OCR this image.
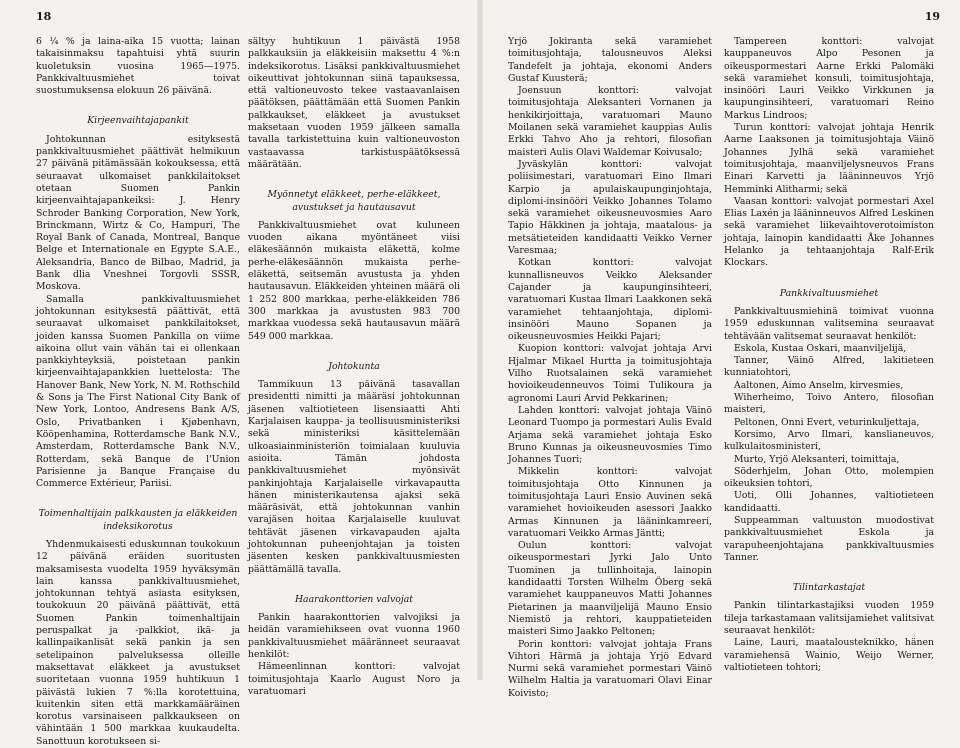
18

6 ¼ % ja laina-aika 15 vuotta; lainan takaisinmaksu tapahtuisi yhtä suurin kuoletuksin vuosina 1965—1975. Pankkivaltuusmiehet toivat suostumuksensa elokuun 26 päivänä.

Kirjeenvaihtajapankit

Johtokunnan esityksestä pankkivaltuusmiehet päättivät helmikuun 27 päivänä pitämässään kokouksessa, että seuraavat ulkomaiset pankkilaitokset otetaan Suomen Pankin kirjeenvaihtajapankeiksi: J. Henry Schroder Banking Corporation, New York, Brinckmann, Wirtz & Co, Hampuri, The Royal Bank of Canada, Montreal, Banque Belge et Internationale en Egypte S.A.E., Aleksandria, Banco de Bilbao, Madrid, ja Bank dlia Vneshnei Torgovli SSSR, Moskova.

Samalla pankkivaltuusmiehet johtokunnan esityksestä päättivät, että seuraavat ulkomaiset pankkilaitokset, joiden kanssa Suomen Pankilla on viime aikoina ollut vain vähän tai ei ollenkaan pankkiyhteyksiä, poistetaan pankin kirjeenvaihtajapankkien luettelosta: The Hanover Bank, New York, N. M. Rothschild & Sons ja The First National City Bank of New York, Lontoo, Andresens Bank A/S, Oslo, Privatbanken i Kjøbenhavn, Kööpenhamina, Rotterdamsche Bank N.V., Amsterdam, Rotterdamsche Bank N.V., Rotterdam, sekä Banque de l'Union Parisienne ja Banque Française du Commerce Extérieur, Pariisi.

Toimenhaltijain palkkausten ja eläkkeiden indeksikorotus

Yhdenmukaisesti eduskunnan toukokuun 12 päivänä eräiden suoritusten maksamisesta vuodelta 1959 hyväksymän lain kanssa pankkivaltuusmiehet, johtokunnan tehtyä asiasta esityksen, toukokuun 20 päivänä päättivät, että Suomen Pankin toimenhaltijain peruspalkat ja -palkkiot, ikä- ja kallinpaikanlisät sekä pankin ja sen setelipainon palveluksessa olleille maksettavat eläkkeet ja avustukset suoritetaan vuonna 1959 huhtikuun 1 päivästä lukien 7 %:lla korotettuina, kuitenkin siten että markkamääräinen korotus varsinaiseen palkkaukseen on vähintään 1 500 markkaa kuukaudelta. Sanottuun korotukseen si-

sältyy huhtikuun 1 päivästä 1958 palkkauksiin ja eläkkeisiin maksettu 4 %:n indeksikorotus. Lisäksi pankkivaltuusmiehet oikeuttivat johtokunnan siinä tapauksessa, että valtioneuvosto tekee vastaavanlaisen päätöksen, päättämään että Suomen Pankin palkkaukset, eläkkeet ja avustukset maksetaan vuoden 1959 jälkeen samalla tavalla tarkistettuina kuin valtioneuvoston vastaavassa tarkistuspäätöksessä määrätään.

Myönnetyt eläkkeet, perhe-eläkkeet, avustukset ja hautausavut

Pankkivaltuusmiehet ovat kuluneen vuoden aikana myöntäneet viisi eläkesäännön mukaista eläkettä, kolme perhe-eläkesäännön mukaista perhe-eläkettä, seitsemän avustusta ja yhden hautausavun. Eläkkeiden yhteinen määrä oli 1 252 800 markkaa, perhe-eläkkeiden 786 300 markkaa ja avustusten 983 700 markkaa vuodessa sekä hautausavun määrä 549 000 markkaa.

Johtokunta

Tammikuun 13 päivänä tasavallan presidentti nimitti ja määräsi johtokunnan jäsenen valtiotieteen lisensiaatti Ahti Karjalaisen kauppa- ja teollisuusministeriksi sekä ministeriksi käsittelemään ulkoasiainministeriön toimialaan kuuluvia asioita. Tämän johdosta pankkivaltuusmiehet myönsivät pankinjohtaja Karjalaiselle virkavapautta hänen ministerikautensa ajaksi sekä määräsivät, että johtokunnan vanhin varajäsen hoitaa Karjalaiselle kuuluvat tehtävät jäsenen virkavapauden ajalta johtokunnan puheenjohtajan ja toisten jäsenten kesken pankkivaltuusmiesten päättämällä tavalla.

Haarakonttorien valvojat

Pankin haarakonttorien valvojiksi ja heidän varamiehikseen ovat vuonna 1960 pankkivaltuusmiehet määränneet seuraavat henkilöt:

Hämeenlinnan konttori: valvojat toimitusjohtaja Kaarlo August Noro ja varatuomari

19

Yrjö Jokiranta sekä varamiehet toimitusjohtaja, talousneuvos Aleksi Tandefelt ja johtaja, ekonomi Anders Gustaf Kuusterä;

Joensuun konttori: valvojat toimitusjohtaja Aleksanteri Vornanen ja henkikirjoittaja, varatuomari Mauno Moilanen sekä varamiehet kauppias Aulis Erkki Tahvo Aho ja rehtori, filosofian maisteri Aulis Olavi Waldemar Koivusalo;

Jyväskylän konttori: valvojat poliisimestari, varatuomari Eino Ilmari Karpio ja apulaiskaupunginjohtaja, diplomi-insinööri Veikko Johannes Tolamo sekä varamiehet oikeusneuvosmies Aaro Tapio Häkkinen ja johtaja, maatalous- ja metsätieteiden kandidaatti Veikko Verner Varesmaa;

Kotkan konttori: valvojat kunnallisneuvos Veikko Aleksander Cajander ja kaupunginsihteeri, varatuomari Kustaa Ilmari Laakkonen sekä varamiehet tehtaanjohtaja, diplomi-insinööri Mauno Sopanen ja oikeusneuvosmies Heikki Pajari;

Kuopion konttori: valvojat johtaja Arvi Hjalmar Mikael Hurtta ja toimitusjohtaja Vilho Ruotsalainen sekä varamiehet hovioikeudenneuvos Toimi Tulikoura ja agronomi Lauri Arvid Pekkarinen;

Lahden konttori: valvojat johtaja Väinö Leonard Tuompo ja pormestari Aulis Evald Arjama sekä varamiehet johtaja Esko Bruno Kunnas ja oikeusneuvosmies Timo Johannes Tuori;

Mikkelin konttori: valvojat toimitusjohtaja Otto Kinnunen ja toimitusjohtaja Lauri Ensio Auvinen sekä varamiehet hovioikeuden asessori Jaakko Armas Kinnunen ja lääninkamreeri, varatuomari Veikko Armas Jäntti;

Oulun konttori: valvojat oikeuspormestari Jyrki Jalo Unto Tuominen ja tullinhoitaja, lainopin kandidaatti Torsten Wilhelm Öberg sekä varamiehet kauppaneuvos Matti Johannes Pietarinen ja maanviljelijä Mauno Ensio Niemistö ja rehtori, kauppatieteiden maisteri Simo Jaakko Peltonen;

Porin konttori: valvojat johtaja Frans Vihtori Härmä ja johtaja Yrjö Edvard Nurmi sekä varamiehet pormestari Väinö Wilhelm Haltia ja varatuomari Olavi Einar Koivisto;

Tampereen konttori: valvojat kauppaneuvos Alpo Pesonen ja oikeuspormestari Aarne Erkki Palomäki sekä varamiehet konsuli, toimitusjohtaja, insinööri Lauri Veikko Virkkunen ja kaupunginsihteeri, varatuomari Reino Markus Lindroos;

Turun konttori: valvojat johtaja Henrik Aarne Laaksonen ja toimitusjohtaja Väinö Johannes Jylhä sekä varamiehet toimitusjohtaja, maanviljelysneuvos Frans Einari Karvetti ja lääninneuvos Yrjö Hemminki Alitharmi; sekä

Vaasan konttori: valvojat pormestari Axel Elias Laxén ja lääninneuvos Alfred Leskinen sekä varamiehet liikevaihtoverotoimiston johtaja, lainopin kandidaatti Åke Johannes Helanko ja tehtaanjohtaja Ralf-Erik Klockars.

Pankkivaltuusmiehet

Pankkivaltuusmiehinä toimivat vuonna 1959 eduskunnan valitsemina seuraavat tehtävään valitsemat seuraavat henkilöt:

Eskola, Kustaa Oskari, maanviljelijä,

Tanner, Väinö Alfred, lakitieteen kunniatohtori,

Aaltonen, Aimo Anselm, kirvesmies,

Wiherheimo, Toivo Antero, filosofian maisteri,

Peltonen, Onni Evert, veturinkuljettaja,

Korsimo, Arvo Ilmari, kanslianeuvos, kulkulaitosministeri,

Murto, Yrjö Aleksanteri, toimittaja,

Söderhjelm, Johan Otto, molempien oikeuksien tohtori,

Uoti, Olli Johannes, valtiotieteen kandidaatti.

Suppeamman valtuuston muodostivat pankkivaltuusmiehet Eskola ja varapuheenjohtajana pankkivaltuusmies Tanner.

Tilintarkastajat

Pankin tilintarkastajiksi vuoden 1959 tileja tarkastamaan valitsijamiehet valitsivat seuraavat henkilöt:

Laine, Lauri, maatalousteknikko, hänen varamiehensä Wainio, Weijo Werner, valtiotieteen tohtori;
